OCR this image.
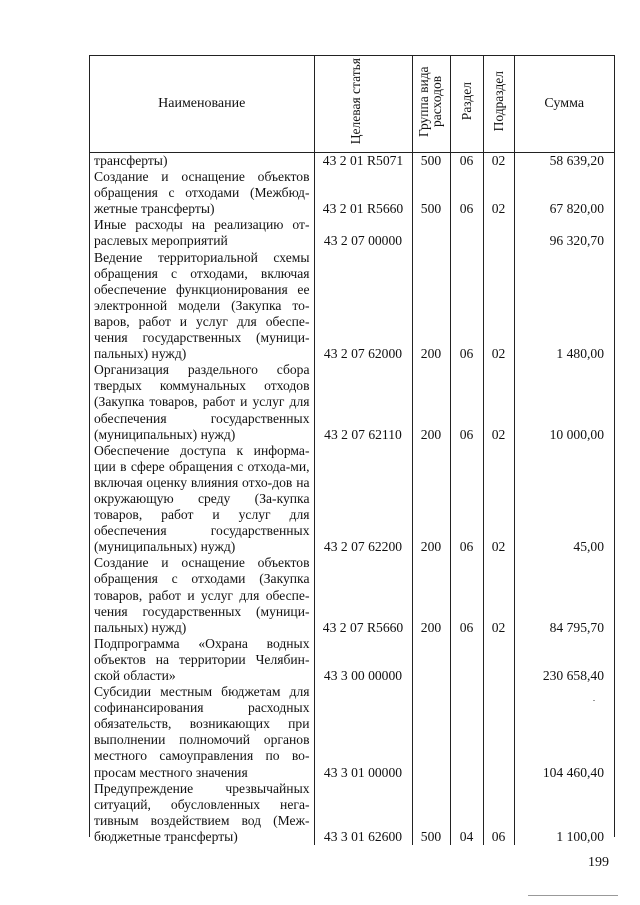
Наименование	Целевая статья	Группа вида расходов	Раздел	Подраздел	Сумма
трансферты)	43 2 01 R5071	500	06	02	58 639,20
Создание и оснащение объектов обращения с отходами (Межбюд-жетные трансферты)	43 2 01 R5660	500	06	02	67 820,00
Иные расходы на реализацию от-раслевых мероприятий	43 2 07 00000				96 320,70
Ведение территориальной схемы обращения с отходами, включая обеспечение функционирования ее электронной модели (Закупка то-варов, работ и услуг для обеспе-чения государственных (муници-пальных) нужд)	43 2 07 62000	200	06	02	1 480,00
Организация раздельного сбора твердых коммунальных отходов (Закупка товаров, работ и услуг для обеспечения государственных (муниципальных) нужд)	43 2 07 62110	200	06	02	10 000,00
Обеспечение доступа к информа-ции в сфере обращения с отхода-ми, включая оценку влияния отхо-дов на окружающую среду (За-купка товаров, работ и услуг для обеспечения государственных (муниципальных) нужд)	43 2 07 62200	200	06	02	45,00
Создание и оснащение объектов обращения с отходами (Закупка товаров, работ и услуг для обеспе-чения государственных (муници-пальных) нужд)	43 2 07 R5660	200	06	02	84 795,70
Подпрограмма «Охрана водных объектов на территории Челябин-ской области»	43 3 00 00000				230 658,40
Субсидии местным бюджетам для софинансирования расходных обязательств, возникающих при выполнении полномочий органов местного самоуправления по во-просам местного значения	43 3 01 00000				104 460,40
Предупреждение чрезвычайных ситуаций, обусловленных нега-тивным воздействием вод (Меж-бюджетные трансферты)	43 3 01 62600	500	04	06	1 100,00
199
